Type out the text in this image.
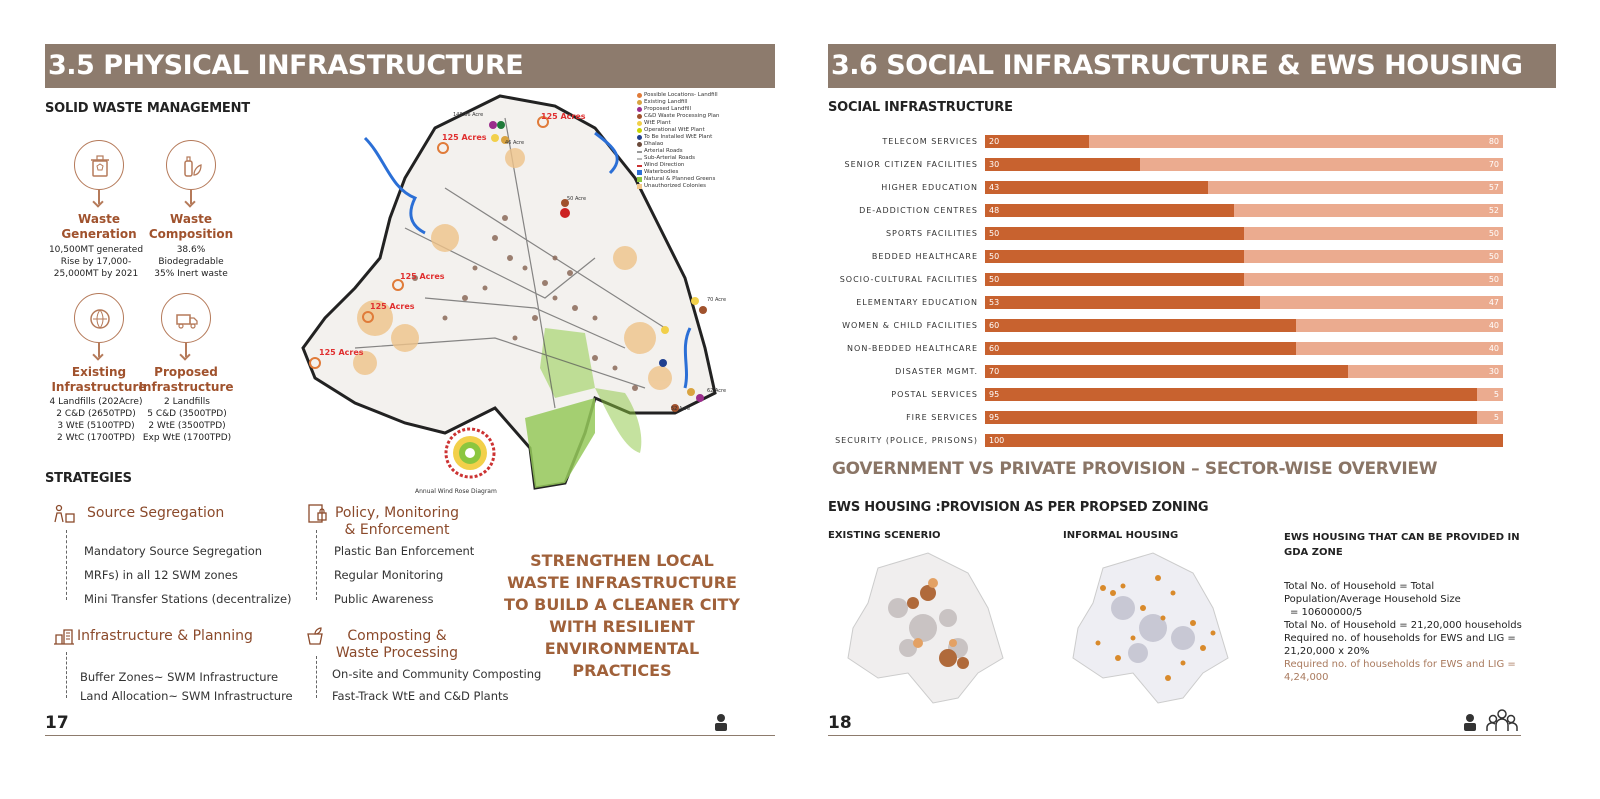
3.5 PHYSICAL INFRASTRUCTURE
SOLID WASTE MANAGEMENT
Waste
Generation
Waste
Composition
10,500MT generated
Rise by 17,000-
25,000MT by 2021
38.6%
Biodegradable
35% Inert waste
Existing
Infrastructure
Proposed
Infrastructure
4 Landfills (202Acre)
2 C&D (2650TPD)
3 WtE (5100TPD)
2 WtC (1700TPD)
2 Landfills
5 C&D (3500TPD)
2 WtE (3500TPD)
Exp WtE (1700TPD)
125 Acres
125 Acres
125 Acres
125 Acres
125 Acres
148.36 Acre
46 Acre
50 Acre
70 Acre
62 Acre
52 Acre
Annual Wind Rose Diagram
Possible Locations- Landfill
Existing Landfill
Proposed Landfill
C&D Waste Processing Plan
WtE Plant
Operational WtE Plant
To Be Installed WtE Plant
Dhalao
Arterial Roads
Sub-Arterial Roads
Wind Direction
Waterbodies
Natural & Planned Greens
Unauthorized Colonies
STRATEGIES
Source Segregation
Mandatory Source Segregation
MRFs) in all 12 SWM zones
Mini Transfer Stations (decentralize)
Policy, Monitoring
& Enforcement
Plastic Ban Enforcement
Regular Monitoring
Public Awareness
Infrastructure & Planning
Buffer Zones~ SWM Infrastructure
Land Allocation~ SWM Infrastructure
Composting &
Waste Processing
On-site and Community Composting
Fast-Track WtE and C&D Plants
STRENGTHEN LOCAL
WASTE INFRASTRUCTURE
TO BUILD A CLEANER CITY
WITH RESILIENT
ENVIRONMENTAL
PRACTICES
17
3.6 SOCIAL INFRASTRUCTURE & EWS HOUSING
SOCIAL INFRASTRUCTURE
TELECOM SERVICES 20	80
SENIOR CITIZEN FACILITIES 30	70
HIGHER EDUCATION 43	57
DE-ADDICTION CENTRES 48	52
SPORTS FACILITIES 50	50
BEDDED HEALTHCARE 50	50
SOCIO-CULTURAL FACILITIES 50	50
ELEMENTARY EDUCATION 53	47
WOMEN & CHILD FACILITIES 60	40
NON-BEDDED HEALTHCARE 60	40
DISASTER MGMT. 70	30
POSTAL SERVICES 95	5
FIRE SERVICES 95	5
SECURITY (POLICE, PRISONS) 100
GOVERNMENT VS PRIVATE PROVISION – SECTOR-WISE OVERVIEW
EWS HOUSING :PROVISION AS PER PROPSED ZONING
EXISTING SCENERIO	INFORMAL HOUSING	EWS HOUSING THAT CAN BE PROVIDED IN
GDA ZONE
Total No. of Household = Total
Population/Average Household Size
= 10600000/5
Total No. of Household = 21,20,000 households
Required no. of households for EWS and LIG =
21,20,000 x 20%
Required no. of households for EWS and LIG =
4,24,000
18
